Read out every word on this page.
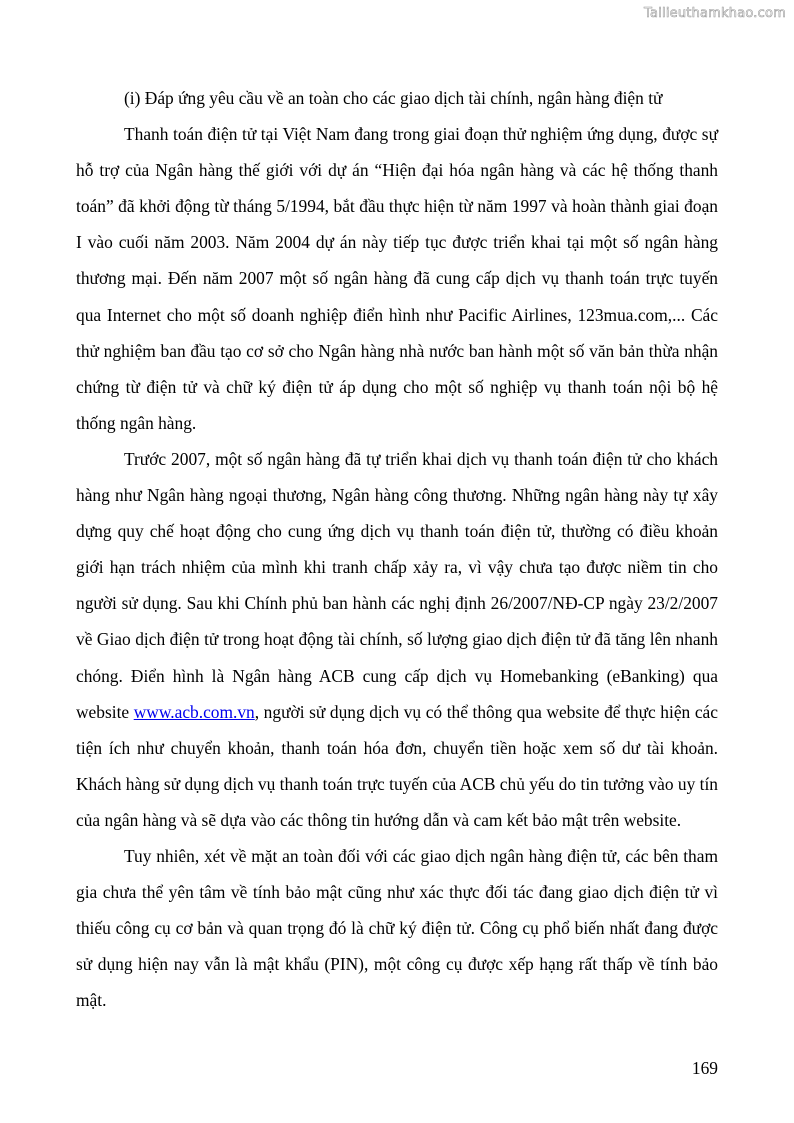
Tailieuthamkhao.com

(i) Đáp ứng yêu cầu về an toàn cho các giao dịch tài chính, ngân hàng điện tử

Thanh toán điện tử tại Việt Nam đang trong giai đoạn thử nghiệm ứng dụng, được sự hỗ trợ của Ngân hàng thế giới với dự án “Hiện đại hóa ngân hàng và các hệ thống thanh toán” đã khởi động từ tháng 5/1994, bắt đầu thực hiện từ năm 1997 và hoàn thành giai đoạn I vào cuối năm 2003. Năm 2004 dự án này tiếp tục được triển khai tại một số ngân hàng thương mại. Đến năm 2007 một số ngân hàng đã cung cấp dịch vụ thanh toán trực tuyến qua Internet cho một số doanh nghiệp điển hình như Pacific Airlines, 123mua.com,... Các thử nghiệm ban đầu tạo cơ sở cho Ngân hàng nhà nước ban hành một số văn bản thừa nhận chứng từ điện tử và chữ ký điện tử áp dụng cho một số nghiệp vụ thanh toán nội bộ hệ thống ngân hàng.

Trước 2007, một số ngân hàng đã tự triển khai dịch vụ thanh toán điện tử cho khách hàng như Ngân hàng ngoại thương, Ngân hàng công thương. Những ngân hàng này tự xây dựng quy chế hoạt động cho cung ứng dịch vụ thanh toán điện tử, thường có điều khoản giới hạn trách nhiệm của mình khi tranh chấp xảy ra, vì vậy chưa tạo được niềm tin cho người sử dụng. Sau khi Chính phủ ban hành các nghị định 26/2007/NĐ-CP ngày 23/2/2007 về Giao dịch điện tử trong hoạt động tài chính, số lượng giao dịch điện tử đã tăng lên nhanh chóng. Điển hình là Ngân hàng ACB cung cấp dịch vụ Homebanking (eBanking) qua website www.acb.com.vn, người sử dụng dịch vụ có thể thông qua website để thực hiện các tiện ích như chuyển khoản, thanh toán hóa đơn, chuyển tiền hoặc xem số dư tài khoản. Khách hàng sử dụng dịch vụ thanh toán trực tuyến của ACB chủ yếu do tin tưởng vào uy tín của ngân hàng và sẽ dựa vào các thông tin hướng dẫn và cam kết bảo mật trên website.

Tuy nhiên, xét về mặt an toàn đối với các giao dịch ngân hàng điện tử, các bên tham gia chưa thể yên tâm về tính bảo mật cũng như xác thực đối tác đang giao dịch điện tử vì thiếu công cụ cơ bản và quan trọng đó là chữ ký điện tử. Công cụ phổ biến nhất đang được sử dụng hiện nay vẫn là mật khẩu (PIN), một công cụ được xếp hạng rất thấp về tính bảo mật.

169
